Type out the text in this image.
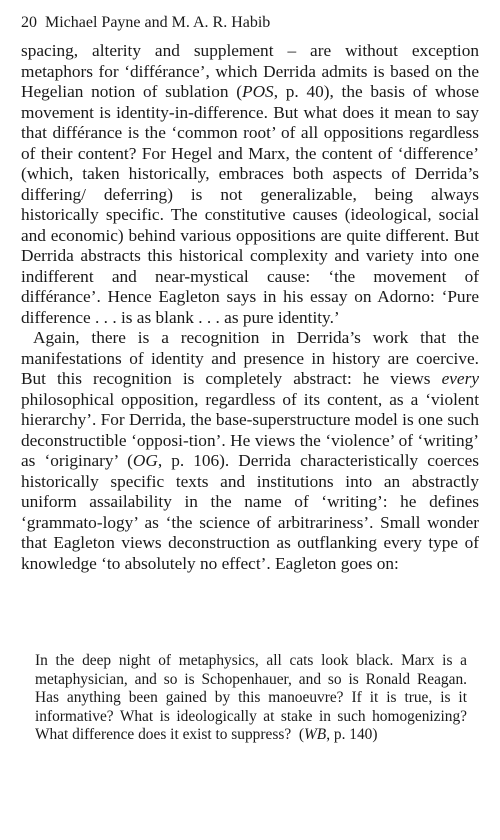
20 Michael Payne and M. A. R. Habib

spacing, alterity and supplement – are without exception metaphors for ‘différance’, which Derrida admits is based on the Hegelian notion of sublation (POS, p. 40), the basis of whose movement is identity-in-difference. But what does it mean to say that différance is the ‘common root’ of all oppositions regardless of their content? For Hegel and Marx, the content of ‘difference’ (which, taken historically, embraces both aspects of Derrida’s differing/ deferring) is not generalizable, being always historically specific. The constitutive causes (ideological, social and economic) behind various oppositions are quite different. But Derrida abstracts this historical complexity and variety into one indifferent and near-mystical cause: ‘the movement of différance’. Hence Eagleton says in his essay on Adorno: ‘Pure difference . . . is as blank . . . as pure identity.’

Again, there is a recognition in Derrida’s work that the manifestations of identity and presence in history are coercive. But this recognition is completely abstract: he views every philosophical opposition, regardless of its content, as a ‘violent hierarchy’. For Derrida, the base-superstructure model is one such deconstructible ‘opposi-tion’. He views the ‘violence’ of ‘writing’ as ‘originary’ (OG, p. 106). Derrida characteristically coerces historically specific texts and institutions into an abstractly uniform assailability in the name of ‘writing’: he defines ‘grammato-logy’ as ‘the science of arbitrariness’. Small wonder that Eagleton views deconstruction as outflanking every type of knowledge ‘to absolutely no effect’. Eagleton goes on:

In the deep night of metaphysics, all cats look black. Marx is a metaphysician, and so is Schopenhauer, and so is Ronald Reagan. Has anything been gained by this manoeuvre? If it is true, is it informative? What is ideologically at stake in such homogenizing? What difference does it exist to suppress? (WB, p. 140)
